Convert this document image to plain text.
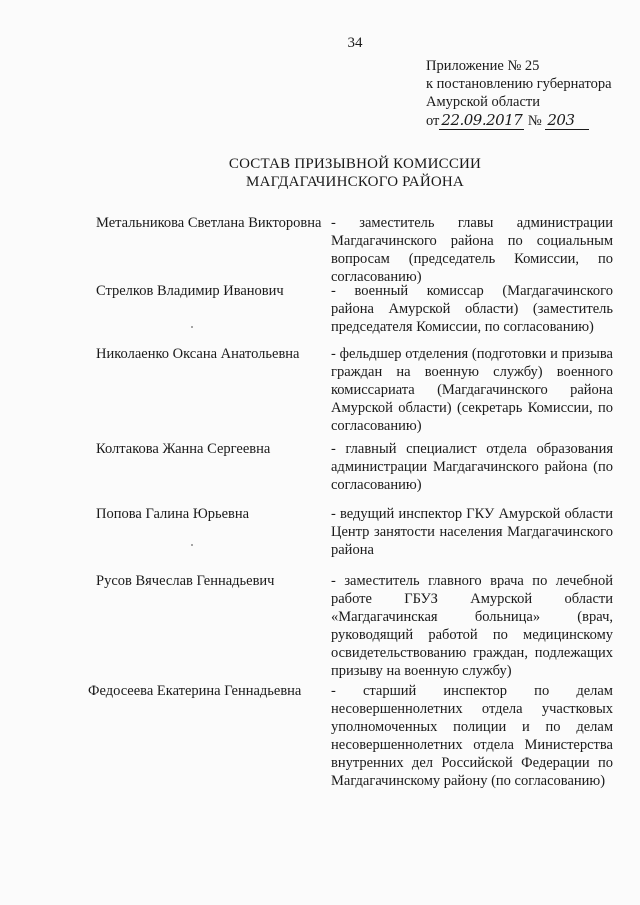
34
Приложение № 25
к постановлению губернатора
Амурской области
от 22.09.2017 № 203
СОСТАВ ПРИЗЫВНОЙ КОМИССИИ
МАГДАГАЧИНСКОГО РАЙОНА
Метальникова Светлана Викторовна - заместитель главы администрации Магдагачинского района по социальным вопросам (председатель Комиссии, по согласованию)
Стрелков Владимир Иванович	- военный комиссар (Магдагачинского района Амурской области) (заместитель председателя Комиссии, по согласованию)
Николаенко Оксана Анатольевна	- фельдшер отделения (подготовки и призыва граждан на военную службу) военного комиссариата (Магдагачинского района Амурской области) (секретарь Комиссии, по согласованию)
Колтакова Жанна Сергеевна	- главный специалист отдела образования администрации Магдагачинского района (по согласованию)
Попова Галина Юрьевна	- ведущий инспектор ГКУ Амурской области Центр занятости населения Магдагачинского района
Русов Вячеслав Геннадьевич	- заместитель главного врача по лечебной работе ГБУЗ Амурской области «Магдагачинская больница» (врач, руководящий работой по медицинскому освидетельствованию граждан, подлежащих призыву на военную службу)
Федосеева Екатерина Геннадьевна	- старший инспектор по делам несовершеннолетних отдела участковых уполномоченных полиции и по делам несовершеннолетних отдела Министерства внутренних дел Российской Федерации по Магдагачинскому району (по согласованию)
